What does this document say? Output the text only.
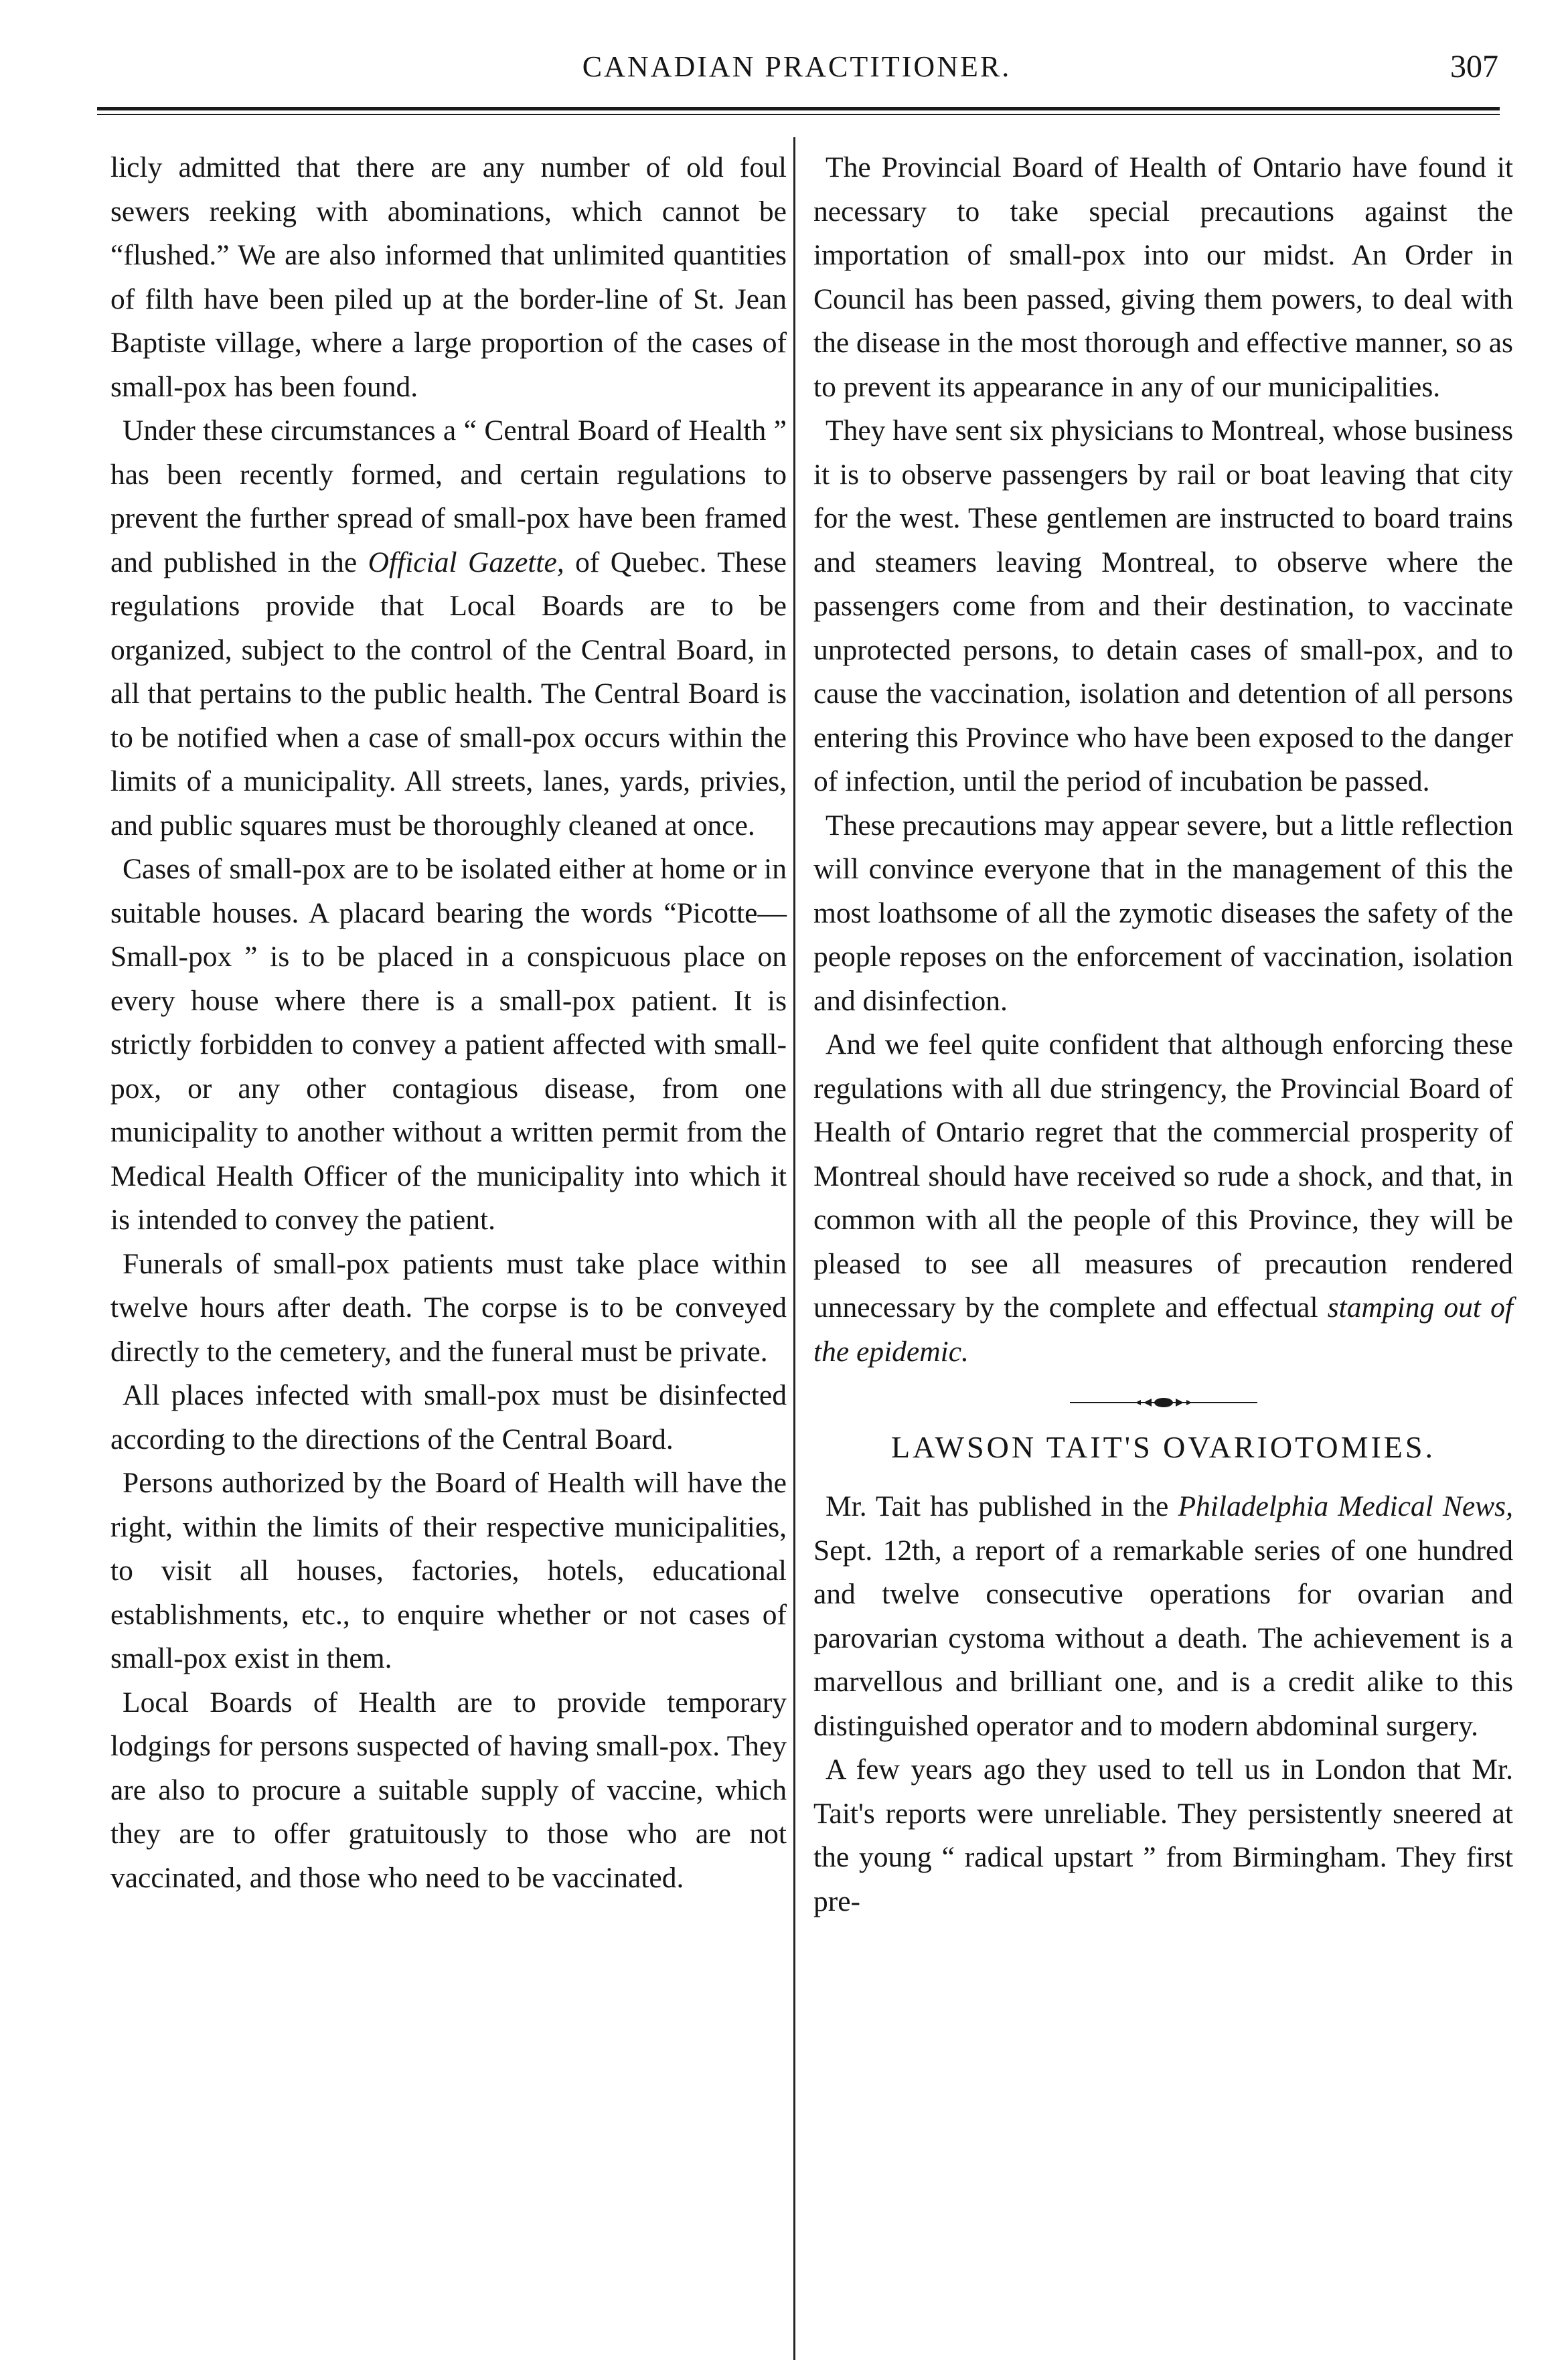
CANADIAN PRACTITIONER.	307

licly admitted that there are any number of old foul sewers reeking with abominations, which cannot be “flushed.” We are also informed that unlimited quantities of filth have been piled up at the border-line of St. Jean Baptiste village, where a large proportion of the cases of small-pox has been found.

Under these circumstances a “ Central Board of Health ” has been recently formed, and certain regulations to prevent the further spread of small-pox have been framed and published in the Official Gazette, of Quebec. These regulations provide that Local Boards are to be organized, subject to the control of the Central Board, in all that pertains to the public health. The Central Board is to be notified when a case of small-pox occurs within the limits of a municipality. All streets, lanes, yards, privies, and public squares must be thoroughly cleaned at once.

Cases of small-pox are to be isolated either at home or in suitable houses. A placard bearing the words “Picotte—Small-pox ” is to be placed in a conspicuous place on every house where there is a small-pox patient. It is strictly forbidden to convey a patient affected with small-pox, or any other contagious disease, from one municipality to another without a written permit from the Medical Health Officer of the municipality into which it is intended to convey the patient.

Funerals of small-pox patients must take place within twelve hours after death. The corpse is to be conveyed directly to the cemetery, and the funeral must be private.

All places infected with small-pox must be disinfected according to the directions of the Central Board.

Persons authorized by the Board of Health will have the right, within the limits of their respective municipalities, to visit all houses, factories, hotels, educational establishments, etc., to enquire whether or not cases of small-pox exist in them.

Local Boards of Health are to provide temporary lodgings for persons suspected of having small-pox. They are also to procure a suitable supply of vaccine, which they are to offer gratuitously to those who are not vaccinated, and those who need to be vaccinated.

The Provincial Board of Health of Ontario have found it necessary to take special precautions against the importation of small-pox into our midst. An Order in Council has been passed, giving them powers, to deal with the disease in the most thorough and effective manner, so as to prevent its appearance in any of our municipalities.

They have sent six physicians to Montreal, whose business it is to observe passengers by rail or boat leaving that city for the west. These gentlemen are instructed to board trains and steamers leaving Montreal, to observe where the passengers come from and their destination, to vaccinate unprotected persons, to detain cases of small-pox, and to cause the vaccination, isolation and detention of all persons entering this Province who have been exposed to the danger of infection, until the period of incubation be passed.

These precautions may appear severe, but a little reflection will convince everyone that in the management of this the most loathsome of all the zymotic diseases the safety of the people reposes on the enforcement of vaccination, isolation and disinfection.

And we feel quite confident that although enforcing these regulations with all due stringency, the Provincial Board of Health of Ontario regret that the commercial prosperity of Montreal should have received so rude a shock, and that, in common with all the people of this Province, they will be pleased to see all measures of precaution rendered unnecessary by the complete and effectual stamping out of the epidemic.

LAWSON TAIT'S OVARIOTOMIES.

Mr. Tait has published in the Philadelphia Medical News, Sept. 12th, a report of a remarkable series of one hundred and twelve consecutive operations for ovarian and parovarian cystoma without a death. The achievement is a marvellous and brilliant one, and is a credit alike to this distinguished operator and to modern abdominal surgery.

A few years ago they used to tell us in London that Mr. Tait's reports were unreliable. They persistently sneered at the young “ radical upstart ” from Birmingham. They first pre-
